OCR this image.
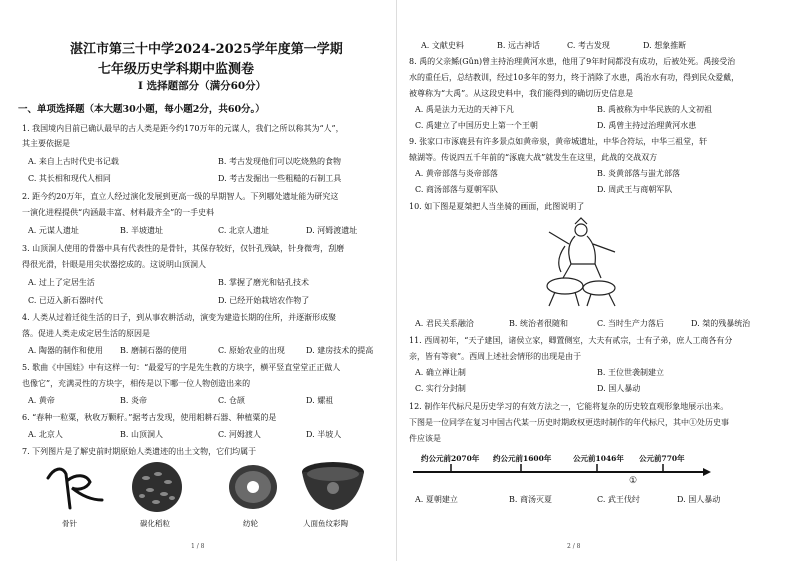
湛江市第三十中学2024-2025学年度第一学期
七年级历史学科期中监测卷
I 选择题部分（满分60分）
一、单项选择题（本大题30小题，每小题2分，共60分。）
1. 我国境内目前已确认最早的古人类是距今约170万年的元谋人，我们之所以称其为“人”，
其主要依据是
A. 来自上古时代史书记载	B. 考古发现他们可以吃烧熟的食物
C. 其长相和现代人相同	D. 考古发掘出一些粗糙的石制工具
2. 距今约20万年，直立人经过演化发展到更高一级的早期智人。下列哪处遗址能为研究这
一演化进程提供“内涵最丰富、材料最齐全”的一手史料
A. 元谋人遗址	B. 半坡遗址	C. 北京人遗址	D. 河姆渡遗址
3. 山顶洞人使用的骨器中具有代表性的是骨针，其保存较好，仅针孔残缺，针身微弯，刮磨
得很光滑，针眼是用尖状器挖成的。这说明山顶洞人
A. 过上了定居生活	B. 掌握了磨光和钻孔技术
C. 已迈入新石器时代	D. 已经开始栽培农作物了
4. 人类从过着迁徙生活的日子，到从事农耕活动，演变为建造长期的住所，并逐渐形成聚
落。促进人类走成定居生活的原因是
A. 陶器的制作和使用 B. 磨制石器的使用	C. 原始农业的出现	D. 建房技术的提高
5. 歌曲《中国娃》中有这样一句：“最爱写的字是先生教的方块字，横平竖直堂堂正正做人
也像它”，充满灵性的方块字，相传是以下哪一位人物创造出来的
A. 黄帝	B. 炎帝	C. 仓颉	D. 嫘祖
6. “春种一粒粟，秋收万颗籽。”据考古发现，使用耜耕石器、种植粟的是
A. 北京人	B. 山顶洞人	C. 河姆渡人	D. 半坡人
7. 下列图片是了解史前时期原始人类遗迹的出土文物，它们均属于
骨针	碳化稻粒	纺轮	人面鱼纹彩陶
1 / 8
A. 文献史料	B. 远古神话	C. 考古发现	D. 想象推断
8. 禹的父亲鲧(Gǔn)曾主持治理黄河水患，他用了9年时间都没有成功，后被处死。禹接受治
水的重任后，总结教训，经过10多年的努力，终于消除了水患，禹治水有功，得到民众爱戴，
被尊称为“大禹”。从这段史料中，我们能得到的确切历史信息是
A. 禹是法力无边的天神下凡	B. 禹被称为中华民族的人文初祖
C. 禹建立了中国历史上第一个王朝	D. 禹曾主持过治理黄河水患
9. 张家口市涿鹿县有许多景点如黄帝泉，黄帝城遗址，中华合符坛，中华三祖堂，轩
辕湖等。传说四五千年前的“涿鹿大战”就发生在这里，此战的交战双方
A. 黄帝部落与炎帝部落	B. 炎黄部落与蚩尤部落
C. 商汤部落与夏朝军队	D. 周武王与商朝军队
10. 如下图是夏桀把人当坐骑的画面，此图说明了
A. 君民关系融洽	B. 统治者很随和	C. 当时生产力落后	D. 桀的残暴统治
11. 西周初年，“天子建国，诸侯立家，卿置侧室，大夫有贰宗，士有子弟，庶人工商各有分
亲，皆有等衰”。西周上述社会情形的出现是由于
A. 确立禅让制	B. 王位世袭制建立
C. 实行分封制	D. 国人暴动
12. 制作年代标尺是历史学习的有效方法之一，它能将复杂的历史较直观形象地展示出来。
下图是一位同学在复习中国古代某一历史时期政权更迭时制作的年代标尺，其中①处历史事
件应该是
约公元前2070年 约公元前1600年	公元前1046年 公元前770年
①
A. 夏朝建立	B. 商汤灭夏	C. 武王伐纣	D. 国人暴动
2 / 8
